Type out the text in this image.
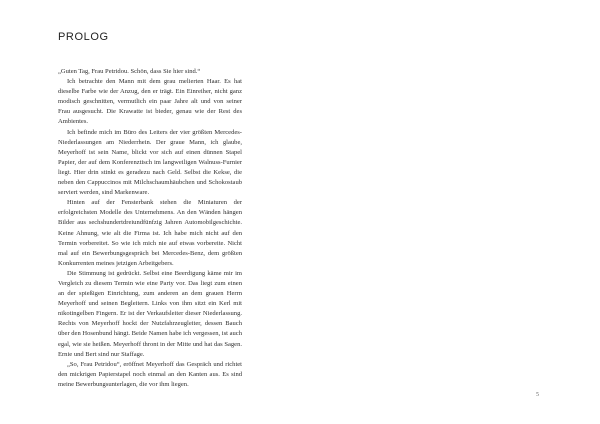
PROLOG

„Guten Tag, Frau Petridou. Schön, dass Sie hier sind.“

Ich betrachte den Mann mit dem grau melierten Haar. Es hat dieselbe Farbe wie der Anzug, den er trägt. Ein Einreiher, nicht ganz modisch geschnitten, vermutlich ein paar Jahre alt und von seiner Frau ausgesucht. Die Krawatte ist bieder, genau wie der Rest des Ambientes.

Ich befinde mich im Büro des Leiters der vier größten Mercedes-Niederlassungen am Niederrhein. Der graue Mann, ich glaube, Meyerhoff ist sein Name, blickt vor sich auf einen dünnen Stapel Papier, der auf dem Konferenztisch im langweiligen Walnuss-Furnier liegt. Hier drin stinkt es geradezu nach Geld. Selbst die Kekse, die neben den Cappuccinos mit Milchschaumhäubchen und Schokostaub serviert werden, sind Markenware.

Hinten auf der Fensterbank stehen die Miniaturen der erfolgreichsten Modelle des Unternehmens. An den Wänden hängen Bilder aus sechshundertdreiundfünfzig Jahren Automobilgeschichte. Keine Ahnung, wie alt die Firma ist. Ich habe mich nicht auf den Termin vorbereitet. So wie ich mich nie auf etwas vorbereite. Nicht mal auf ein Bewerbungsgespräch bei Mercedes-Benz, dem größten Konkurrenten meines jetzigen Arbeitgebers.

Die Stimmung ist gedrückt. Selbst eine Beerdigung käme mir im Vergleich zu diesem Termin wie eine Party vor. Das liegt zum einen an der spießigen Einrichtung, zum anderen an dem grauen Herrn Meyerhoff und seinen Begleitern. Links von ihm sitzt ein Kerl mit nikotingelben Fingern. Er ist der Verkaufsleiter dieser Niederlassung. Rechts von Meyerhoff hockt der Nutzfahrzeugleiter, dessen Bauch über den Hosenbund hängt. Beide Namen habe ich vergessen, ist auch egal, wie sie heißen. Meyerhoff thront in der Mitte und hat das Sagen. Ernie und Bert sind nur Staffage.

„So, Frau Petridou“, eröffnet Meyerhoff das Gespräch und richtet den mickrigen Papierstapel noch einmal an den Kanten aus. Es sind meine Bewerbungsunterlagen, die vor ihm liegen.

5
